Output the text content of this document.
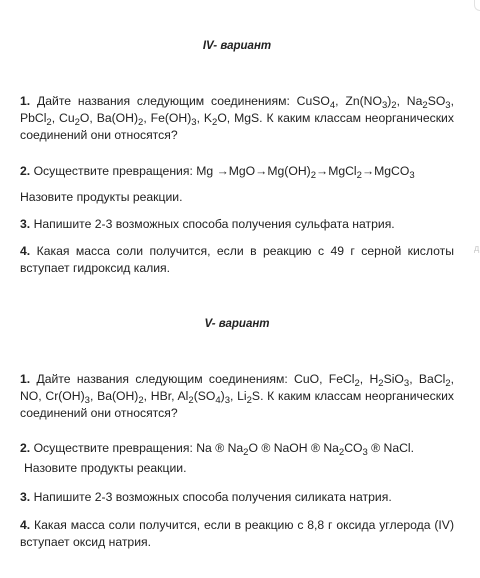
д
IV- вариант
1. Дайте названия следующим соединениям: CuSO$_4$, $Zn(NO_3)_2$, $Na_2SO_3$, PbCl$_2$, $Cu_2O$, $Ba(OH)_2$, $Fe(OH)_3$, $K_2O$, MgS. К каким классам неорганических соединений они относятся?
2. Осуществите превращения: $Mg \to MgO\to Mg(OH)_2\to MgCl_2\to MgCO_3$
Назовите продукты реакции.
3. Напишите 2-3 возможных способа получения сульфата натрия.
4. Какая масса соли получится, если в реакцию с 49 г серной кислоты вступает гидроксид калия.
V- вариант
1. Дайте названия следующим соединениям: CuO, FeCl$_2$, $H_2SiO_3$, BaCl$_2$, NO, $Cr(OH)_3$, $Ba(OH)_2$, HBr, $Al_2(SO_4)_3$, $Li_2S$. К каким классам неорганических соединений они относятся?
2. Осуществите превращения: Na ® $Na_2O$ ® NaOH ® $Na_2CO_3$ ® NaCl.
Назовите продукты реакции.
3. Напишите 2-3 возможных способа получения силиката натрия.
4. Какая масса соли получится, если в реакцию с 8,8 г оксида углерода (IV) вступает оксид натрия.
